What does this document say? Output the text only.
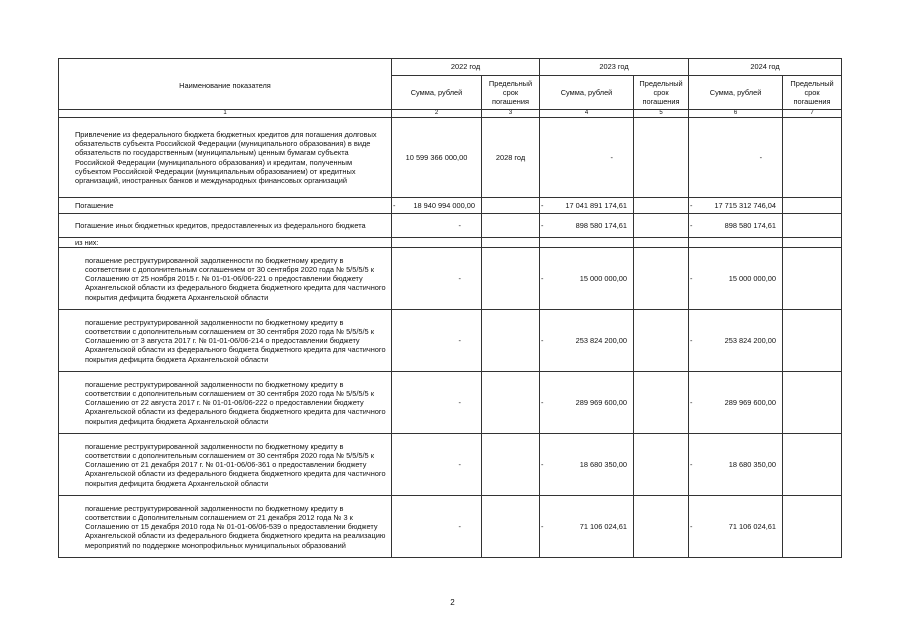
Наименование показателя	2022 год		2023 год		2024 год	
	Сумма, рублей	Предельный срок погашения	Сумма, рублей	Предельный срок погашения	Сумма, рублей	Предельный срок погашения
1	2	3	4	5	6	7
Привлечение из федерального бюджета бюджетных кредитов для погашения долговых обязательств субъекта Российской Федерации (муниципального образования) в виде обязательств по государственным (муниципальным) ценным бумагам субъекта Российской Федерации (муниципального образования) и кредитам, полученным субъектом Российской Федерации (муниципальным образованием) от кредитных организаций, иностранных банков и международных финансовых организаций	10 599 366 000,00	2028 год	-		-	
Погашение	- 18 940 994 000,00		- 17 041 891 174,61		- 17 715 312 746,04	
Погашение иных бюджетных кредитов, предоставленных из федерального бюджета	-		- 898 580 174,61		- 898 580 174,61	
из них:						
погашение реструктурированной задолженности по бюджетному кредиту в соответствии с дополнительным соглашением от 30 сентября 2020 года № 5/5/5/5 к Соглашению от 25 ноября 2015 г. № 01-01-06/06-221 о предоставлении бюджету Архангельской области из федерального бюджета бюджетного кредита для частичного покрытия дефицита бюджета Архангельской области	-		- 15 000 000,00		- 15 000 000,00	
погашение реструктурированной задолженности по бюджетному кредиту в соответствии с дополнительным соглашением от 30 сентября 2020 года № 5/5/5/5 к Соглашению от 3 августа 2017 г. № 01-01-06/06-214 о предоставлении бюджету Архангельской области из федерального бюджета бюджетного кредита для частичного покрытия дефицита бюджета Архангельской области	-		- 253 824 200,00		- 253 824 200,00	
погашение реструктурированной задолженности по бюджетному кредиту в соответствии с дополнительным соглашением от 30 сентября 2020 года № 5/5/5/5 к Соглашению от 22 августа 2017 г. № 01-01-06/06-222 о предоставлении бюджету Архангельской области из федерального бюджета бюджетного кредита для частичного покрытия дефицита бюджета Архангельской области	-		- 289 969 600,00		- 289 969 600,00	
погашение реструктурированной задолженности по бюджетному кредиту в соответствии с дополнительным соглашением от 30 сентября 2020 года № 5/5/5/5 к Соглашению от 21 декабря 2017 г. № 01-01-06/06-361 о предоставлении бюджету Архангельской области из федерального бюджета бюджетного кредита для частичного покрытия дефицита бюджета Архангельской области	-		- 18 680 350,00		- 18 680 350,00	
погашение реструктурированной задолженности по бюджетному кредиту в соответствии с Дополнительным соглашением от 21 декабря 2012 года № 3 к Соглашению от 15 декабря 2010 года № 01-01-06/06-539 о предоставлении бюджету Архангельской области из федерального бюджета бюджетного кредита на реализацию мероприятий по поддержке монопрофильных муниципальных образований	-		- 71 106 024,61		- 71 106 024,61	
2
